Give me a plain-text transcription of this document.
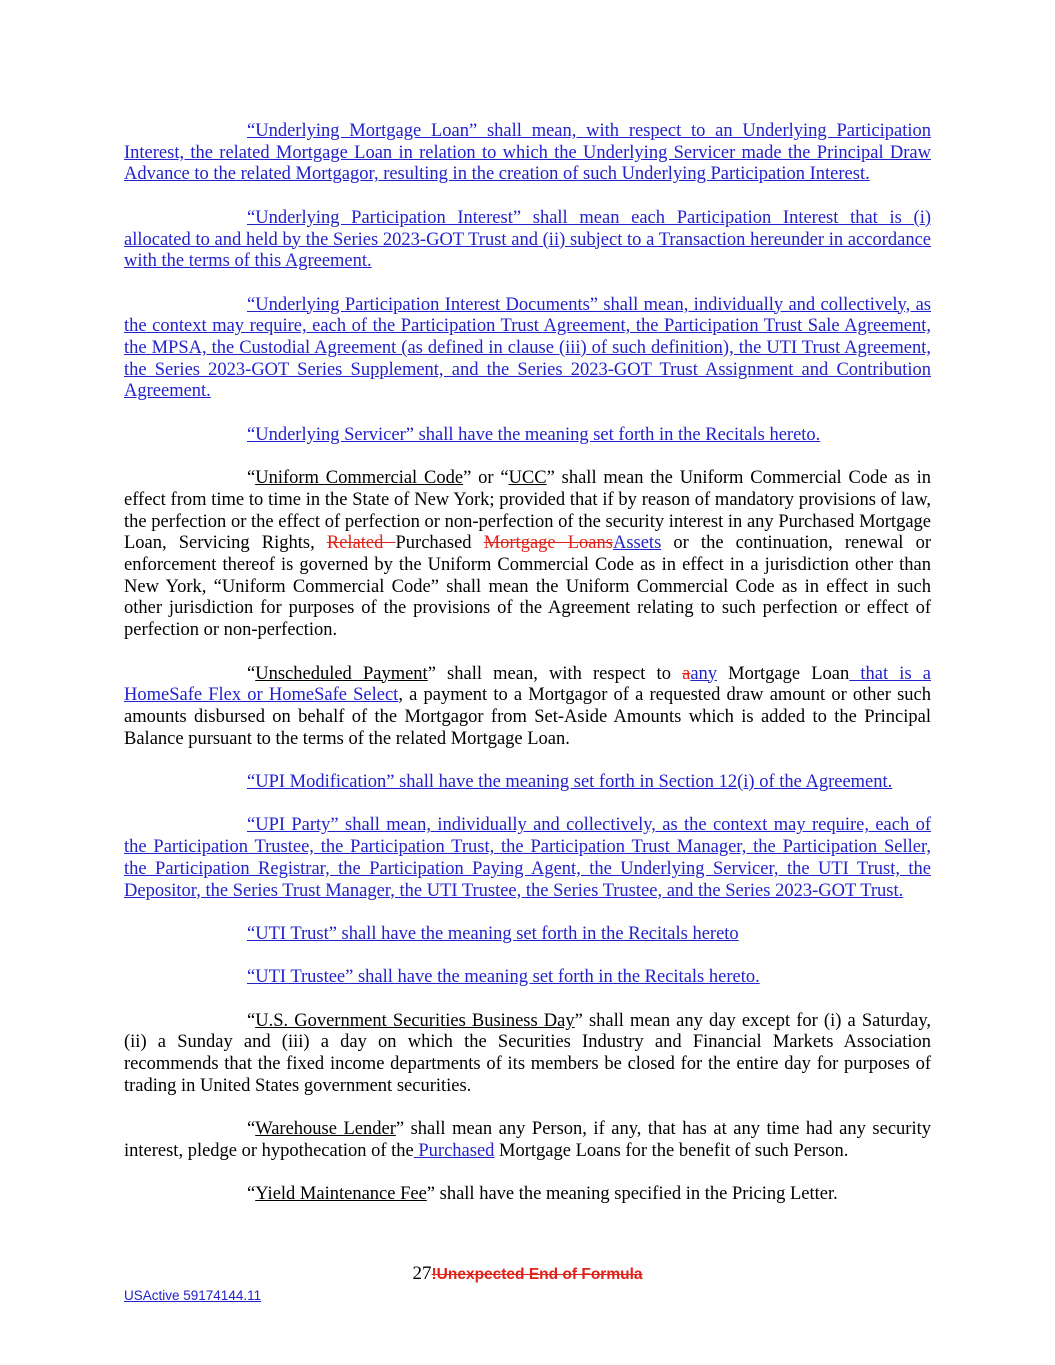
“Underlying Mortgage Loan” shall mean, with respect to an Underlying Participation Interest, the related Mortgage Loan in relation to which the Underlying Servicer made the Principal Draw Advance to the related Mortgagor, resulting in the creation of such Underlying Participation Interest.

“Underlying Participation Interest” shall mean each Participation Interest that is (i) allocated to and held by the Series 2023-GOT Trust and (ii) subject to a Transaction hereunder in accordance with the terms of this Agreement.

“Underlying Participation Interest Documents” shall mean, individually and collectively, as the context may require, each of the Participation Trust Agreement, the Participation Trust Sale Agreement, the MPSA, the Custodial Agreement (as defined in clause (iii) of such definition), the UTI Trust Agreement, the Series 2023-GOT Series Supplement, and the Series 2023-GOT Trust Assignment and Contribution Agreement.

“Underlying Servicer” shall have the meaning set forth in the Recitals hereto.

“Uniform Commercial Code” or “UCC” shall mean the Uniform Commercial Code as in effect from time to time in the State of New York; provided that if by reason of mandatory provisions of law, the perfection or the effect of perfection or non-perfection of the security interest in any Purchased Mortgage Loan, Servicing Rights, Related Purchased Mortgage LoansAssets or the continuation, renewal or enforcement thereof is governed by the Uniform Commercial Code as in effect in a jurisdiction other than New York, “Uniform Commercial Code” shall mean the Uniform Commercial Code as in effect in such other jurisdiction for purposes of the provisions of the Agreement relating to such perfection or effect of perfection or non-perfection.

“Unscheduled Payment” shall mean, with respect to aany Mortgage Loan that is a HomeSafe Flex or HomeSafe Select, a payment to a Mortgagor of a requested draw amount or other such amounts disbursed on behalf of the Mortgagor from Set-Aside Amounts which is added to the Principal Balance pursuant to the terms of the related Mortgage Loan.

“UPI Modification” shall have the meaning set forth in Section 12(i) of the Agreement.

“UPI Party” shall mean, individually and collectively, as the context may require, each of the Participation Trustee, the Participation Trust, the Participation Trust Manager, the Participation Seller, the Participation Registrar, the Participation Paying Agent, the Underlying Servicer, the UTI Trust, the Depositor, the Series Trust Manager, the UTI Trustee, the Series Trustee, and the Series 2023-GOT Trust.

“UTI Trust” shall have the meaning set forth in the Recitals hereto

“UTI Trustee” shall have the meaning set forth in the Recitals hereto.

“U.S. Government Securities Business Day” shall mean any day except for (i) a Saturday, (ii) a Sunday and (iii) a day on which the Securities Industry and Financial Markets Association recommends that the fixed income departments of its members be closed for the entire day for purposes of trading in United States government securities.

“Warehouse Lender” shall mean any Person, if any, that has at any time had any security interest, pledge or hypothecation of the Purchased Mortgage Loans for the benefit of such Person.

“Yield Maintenance Fee” shall have the meaning specified in the Pricing Letter.

27!Unexpected End of Formula
USActive 59174144.11
